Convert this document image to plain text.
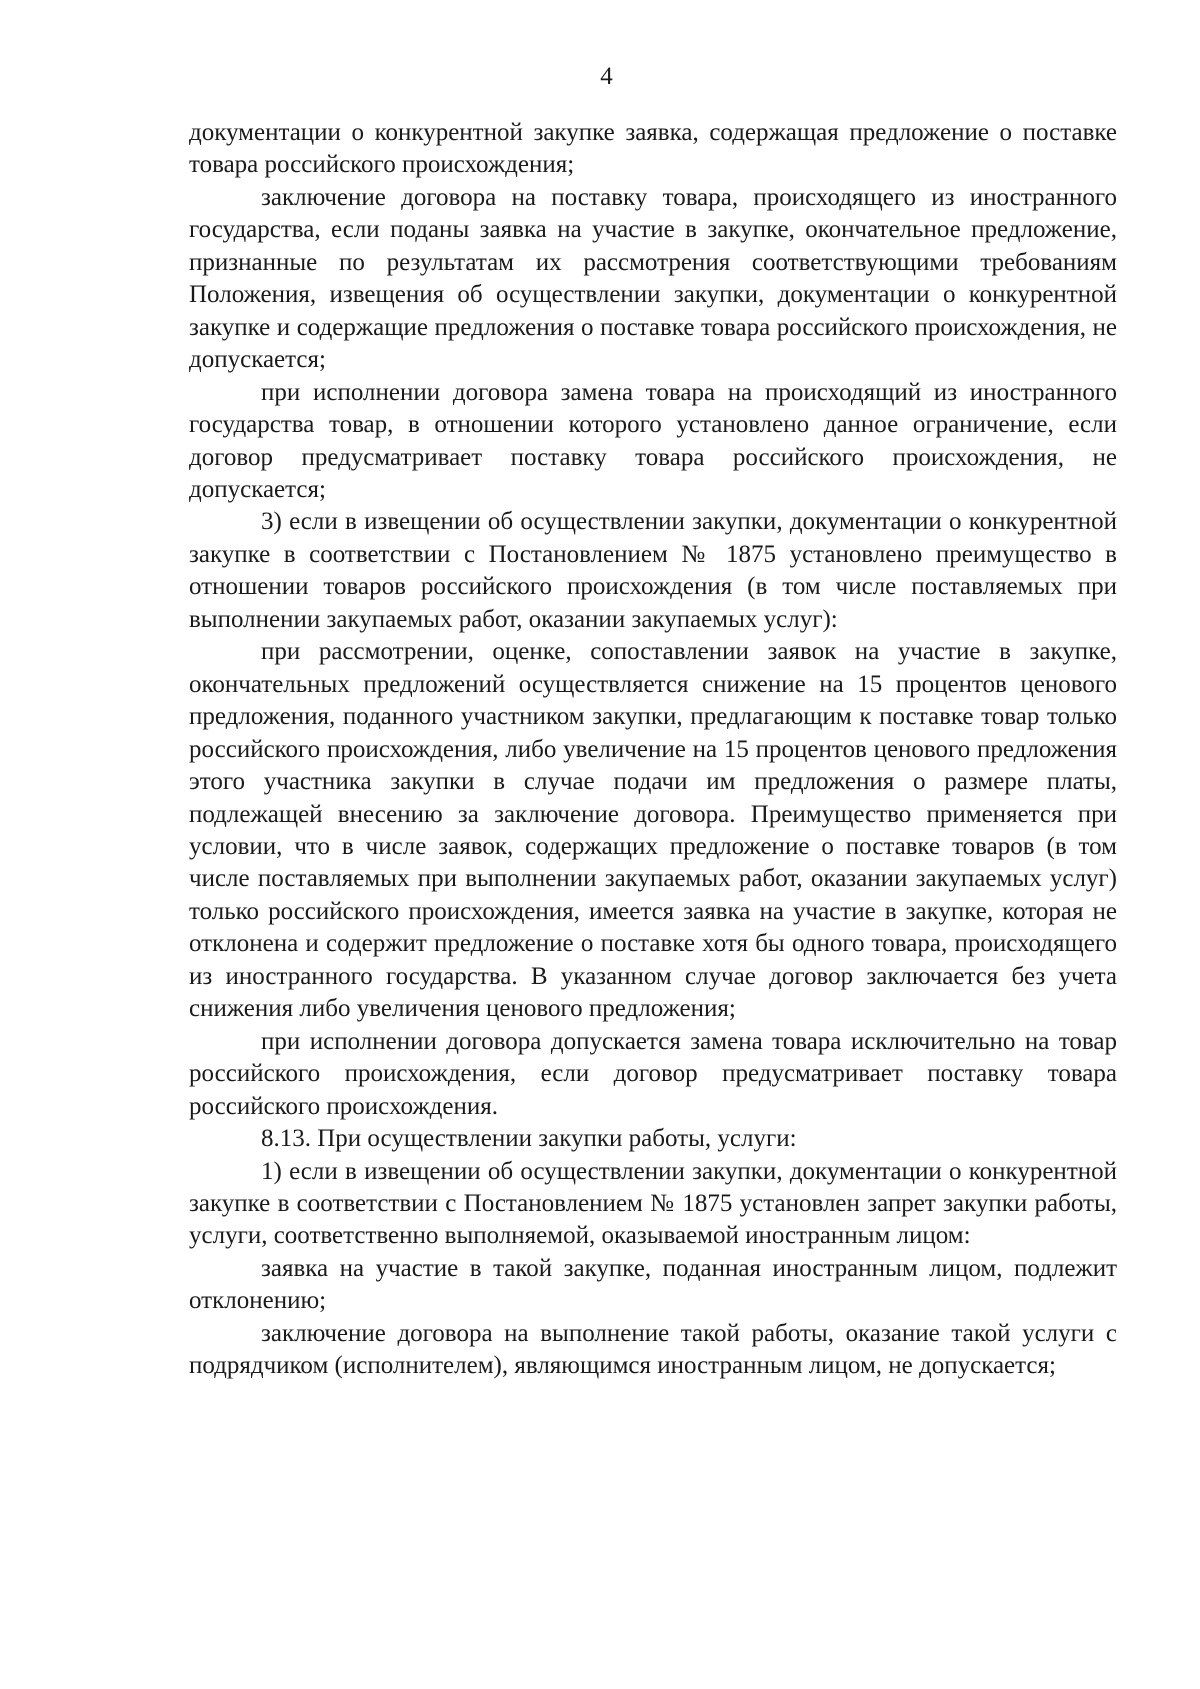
4

документации о конкурентной закупке заявка, содержащая предложение о поставке товара российского происхождения;

заключение договора на поставку товара, происходящего из иностранного государства, если поданы заявка на участие в закупке, окончательное предложение, признанные по результатам их рассмотрения соответствующими требованиям Положения, извещения об осуществлении закупки, документации о конкурентной закупке и содержащие предложения о поставке товара российского происхождения, не допускается;

при исполнении договора замена товара на происходящий из иностранного государства товар, в отношении которого установлено данное ограничение, если договор предусматривает поставку товара российского происхождения, не допускается;

3) если в извещении об осуществлении закупки, документации о конкурентной закупке в соответствии с Постановлением № 1875 установлено преимущество в отношении товаров российского происхождения (в том числе поставляемых при выполнении закупаемых работ, оказании закупаемых услуг):

при рассмотрении, оценке, сопоставлении заявок на участие в закупке, окончательных предложений осуществляется снижение на 15 процентов ценового предложения, поданного участником закупки, предлагающим к поставке товар только российского происхождения, либо увеличение на 15 процентов ценового предложения этого участника закупки в случае подачи им предложения о размере платы, подлежащей внесению за заключение договора. Преимущество применяется при условии, что в числе заявок, содержащих предложение о поставке товаров (в том числе поставляемых при выполнении закупаемых работ, оказании закупаемых услуг) только российского происхождения, имеется заявка на участие в закупке, которая не отклонена и содержит предложение о поставке хотя бы одного товара, происходящего из иностранного государства. В указанном случае договор заключается без учета снижения либо увеличения ценового предложения;

при исполнении договора допускается замена товара исключительно на товар российского происхождения, если договор предусматривает поставку товара российского происхождения.

8.13. При осуществлении закупки работы, услуги:

1) если в извещении об осуществлении закупки, документации о конкурентной закупке в соответствии с Постановлением № 1875 установлен запрет закупки работы, услуги, соответственно выполняемой, оказываемой иностранным лицом:

заявка на участие в такой закупке, поданная иностранным лицом, подлежит отклонению;

заключение договора на выполнение такой работы, оказание такой услуги с подрядчиком (исполнителем), являющимся иностранным лицом, не допускается;
